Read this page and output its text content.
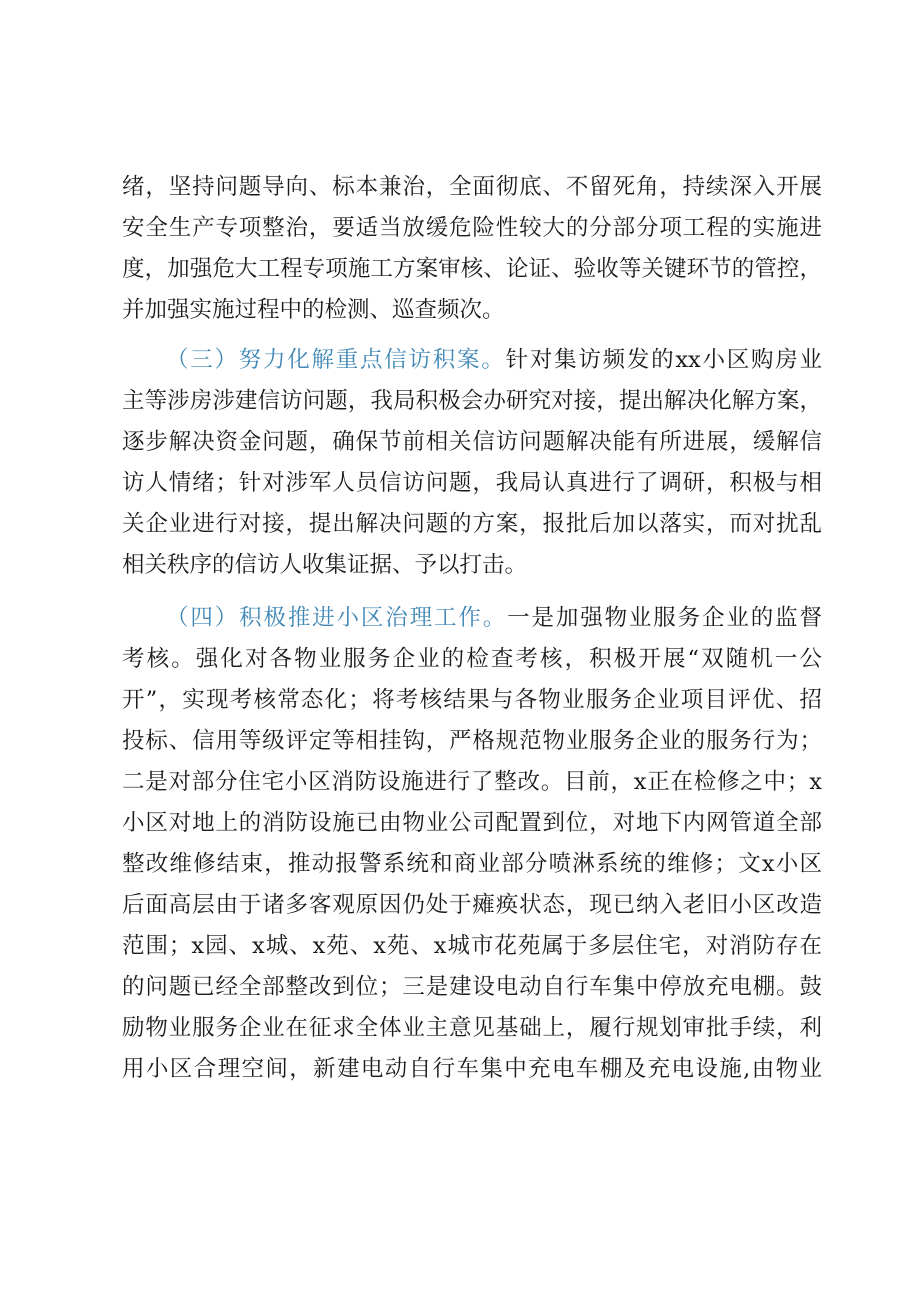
绪，坚持问题导向、标本兼治，全面彻底、不留死角，持续深入开展
安全生产专项整治，要适当放缓危险性较大的分部分项工程的实施进
度，加强危大工程专项施工方案审核、论证、验收等关键环节的管控，
并加强实施过程中的检测、巡查频次。
（三）努力化解重点信访积案。针对集访频发的xx小区购房业
主等涉房涉建信访问题，我局积极会办研究对接，提出解决化解方案，
逐步解决资金问题，确保节前相关信访问题解决能有所进展，缓解信
访人情绪；针对涉军人员信访问题，我局认真进行了调研，积极与相
关企业进行对接，提出解决问题的方案，报批后加以落实，而对扰乱
相关秩序的信访人收集证据、予以打击。
（四）积极推进小区治理工作。一是加强物业服务企业的监督
考核。强化对各物业服务企业的检查考核，积极开展“双随机一公
开”，实现考核常态化；将考核结果与各物业服务企业项目评优、招
投标、信用等级评定等相挂钩，严格规范物业服务企业的服务行为；
二是对部分住宅小区消防设施进行了整改。目前，x正在检修之中；x
小区对地上的消防设施已由物业公司配置到位，对地下内网管道全部
整改维修结束，推动报警系统和商业部分喷淋系统的维修；文x小区
后面高层由于诸多客观原因仍处于瘫痪状态，现已纳入老旧小区改造
范围；x园、x城、x苑、x苑、x城市花苑属于多层住宅，对消防存在
的问题已经全部整改到位；三是建设电动自行车集中停放充电棚。鼓
励物业服务企业在征求全体业主意见基础上，履行规划审批手续，利
用小区合理空间，新建电动自行车集中充电车棚及充电设施,由物业
